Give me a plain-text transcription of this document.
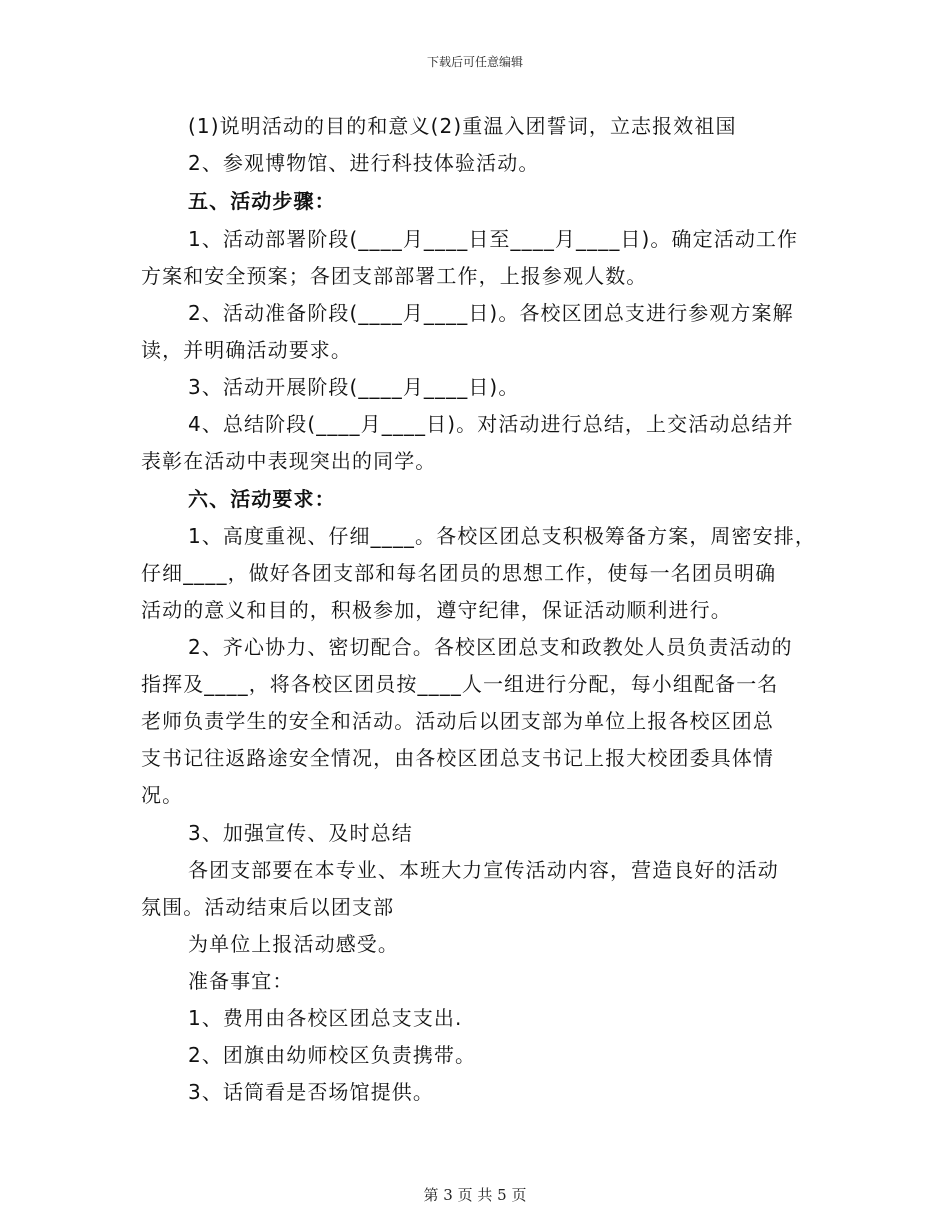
下载后可任意编辑
(1)说明活动的目的和意义(2)重温入团誓词，立志报效祖国
2、参观博物馆、进行科技体验活动。
五、活动步骤：
1、活动部署阶段(____月____日至____月____日)。确定活动工作
方案和安全预案；各团支部部署工作，上报参观人数。
2、活动准备阶段(____月____日)。各校区团总支进行参观方案解
读，并明确活动要求。
3、活动开展阶段(____月____日)。
4、总结阶段(____月____日)。对活动进行总结，上交活动总结并
表彰在活动中表现突出的同学。
六、活动要求：
1、高度重视、仔细____。各校区团总支积极筹备方案，周密安排，
仔细____，做好各团支部和每名团员的思想工作，使每一名团员明确
活动的意义和目的，积极参加，遵守纪律，保证活动顺利进行。
2、齐心协力、密切配合。各校区团总支和政教处人员负责活动的
指挥及____，将各校区团员按____人一组进行分配，每小组配备一名
老师负责学生的安全和活动。活动后以团支部为单位上报各校区团总
支书记往返路途安全情况，由各校区团总支书记上报大校团委具体情
况。
3、加强宣传、及时总结
各团支部要在本专业、本班大力宣传活动内容，营造良好的活动
氛围。活动结束后以团支部
为单位上报活动感受。
准备事宜：
1、费用由各校区团总支支出.
2、团旗由幼师校区负责携带。
3、话筒看是否场馆提供。
第 3 页 共 5 页
